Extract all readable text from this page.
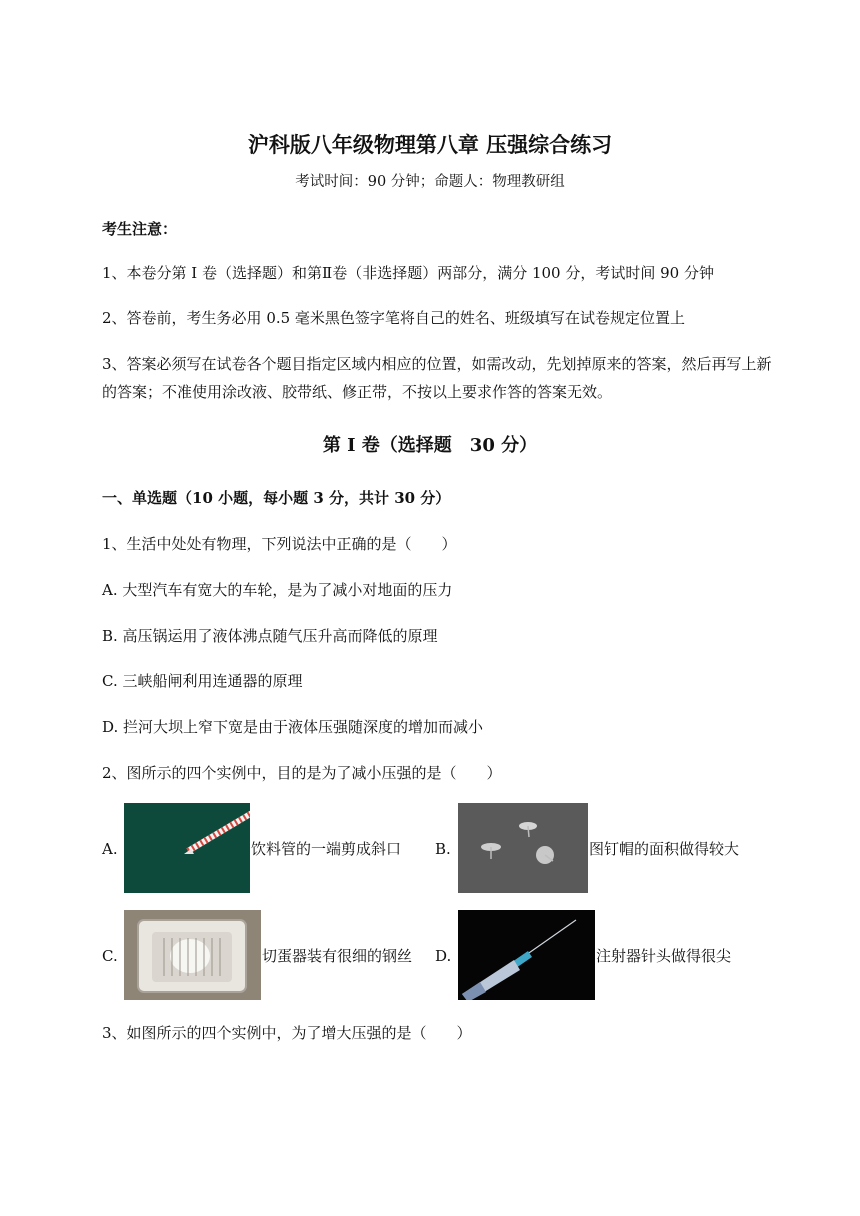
沪科版八年级物理第八章 压强综合练习
考试时间：90 分钟；命题人：物理教研组
考生注意：
1、本卷分第 I 卷（选择题）和第Ⅱ卷（非选择题）两部分，满分 100 分，考试时间 90 分钟
2、答卷前，考生务必用 0.5 毫米黑色签字笔将自己的姓名、班级填写在试卷规定位置上
3、答案必须写在试卷各个题目指定区域内相应的位置，如需改动，先划掉原来的答案，然后再写上新
的答案；不准使用涂改液、胶带纸、修正带，不按以上要求作答的答案无效。
第 I 卷（选择题　30 分）
一、单选题（10 小题，每小题 3 分，共计 30 分）
1、生活中处处有物理，下列说法中正确的是（　　）
A. 大型汽车有宽大的车轮，是为了减小对地面的压力
B. 高压锅运用了液体沸点随气压升高而降低的原理
C. 三峡船闸利用连通器的原理
D. 拦河大坝上窄下宽是由于液体压强随深度的增加而减小
2、图所示的四个实例中，目的是为了减小压强的是（　　）
A.	饮料管的一端剪成斜口 B.	图钉帽的面积做得较大
C.	切蛋器装有很细的钢丝 D.	注射器针头做得很尖
3、如图所示的四个实例中，为了增大压强的是（　　）
